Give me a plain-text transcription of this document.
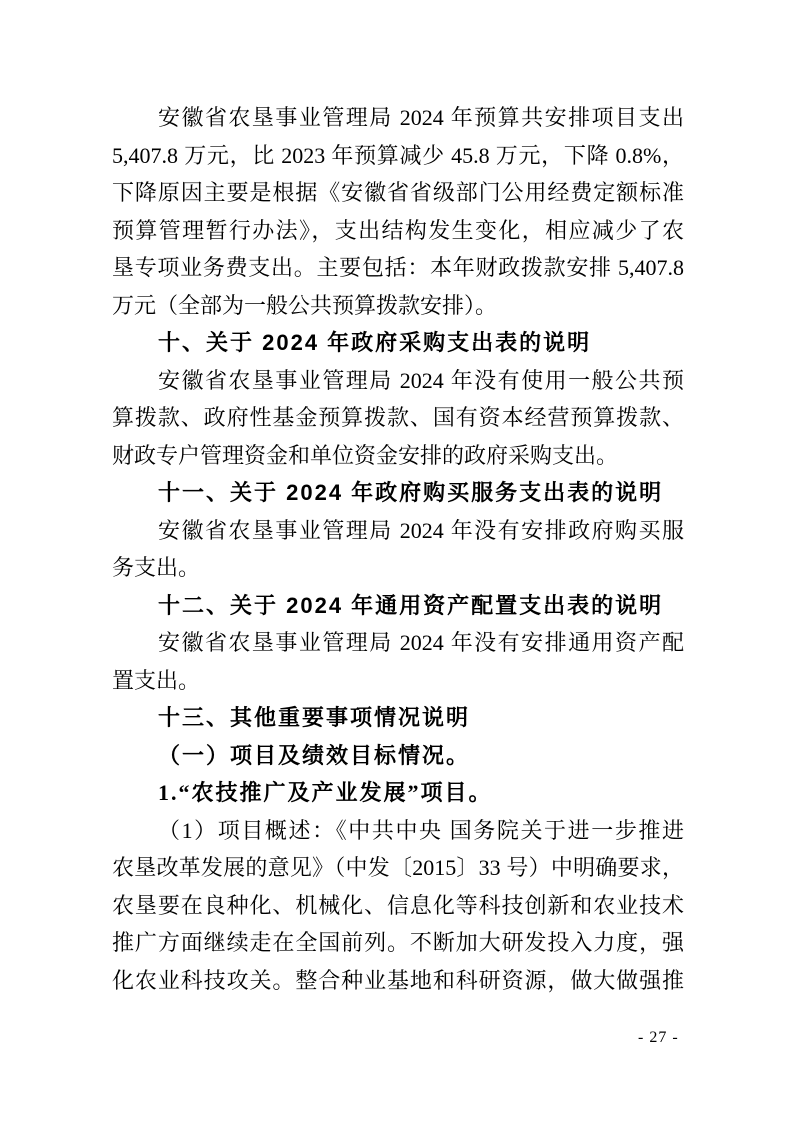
安徽省农垦事业管理局 2024 年预算共安排项目支出
5,407.8 万元，比 2023 年预算减少 45.8 万元，下降 0.8%，
下降原因主要是根据《安徽省省级部门公用经费定额标准
预算管理暂行办法》，支出结构发生变化，相应减少了农
垦专项业务费支出。主要包括：本年财政拨款安排 5,407.8
万元（全部为一般公共预算拨款安排）。
十、关于 2024 年政府采购支出表的说明
安徽省农垦事业管理局 2024 年没有使用一般公共预
算拨款、政府性基金预算拨款、国有资本经营预算拨款、
财政专户管理资金和单位资金安排的政府采购支出。
十一、关于 2024 年政府购买服务支出表的说明
安徽省农垦事业管理局 2024 年没有安排政府购买服
务支出。
十二、关于 2024 年通用资产配置支出表的说明
安徽省农垦事业管理局 2024 年没有安排通用资产配
置支出。
十三、其他重要事项情况说明
（一）项目及绩效目标情况。
1.“农技推广及产业发展”项目。
（1）项目概述：《中共中央 国务院关于进一步推进
农垦改革发展的意见》（中发〔2015〕33 号）中明确要求，
农垦要在良种化、机械化、信息化等科技创新和农业技术
推广方面继续走在全国前列。不断加大研发投入力度，强
化农业科技攻关。整合种业基地和科研资源，做大做强推
- 27 -
